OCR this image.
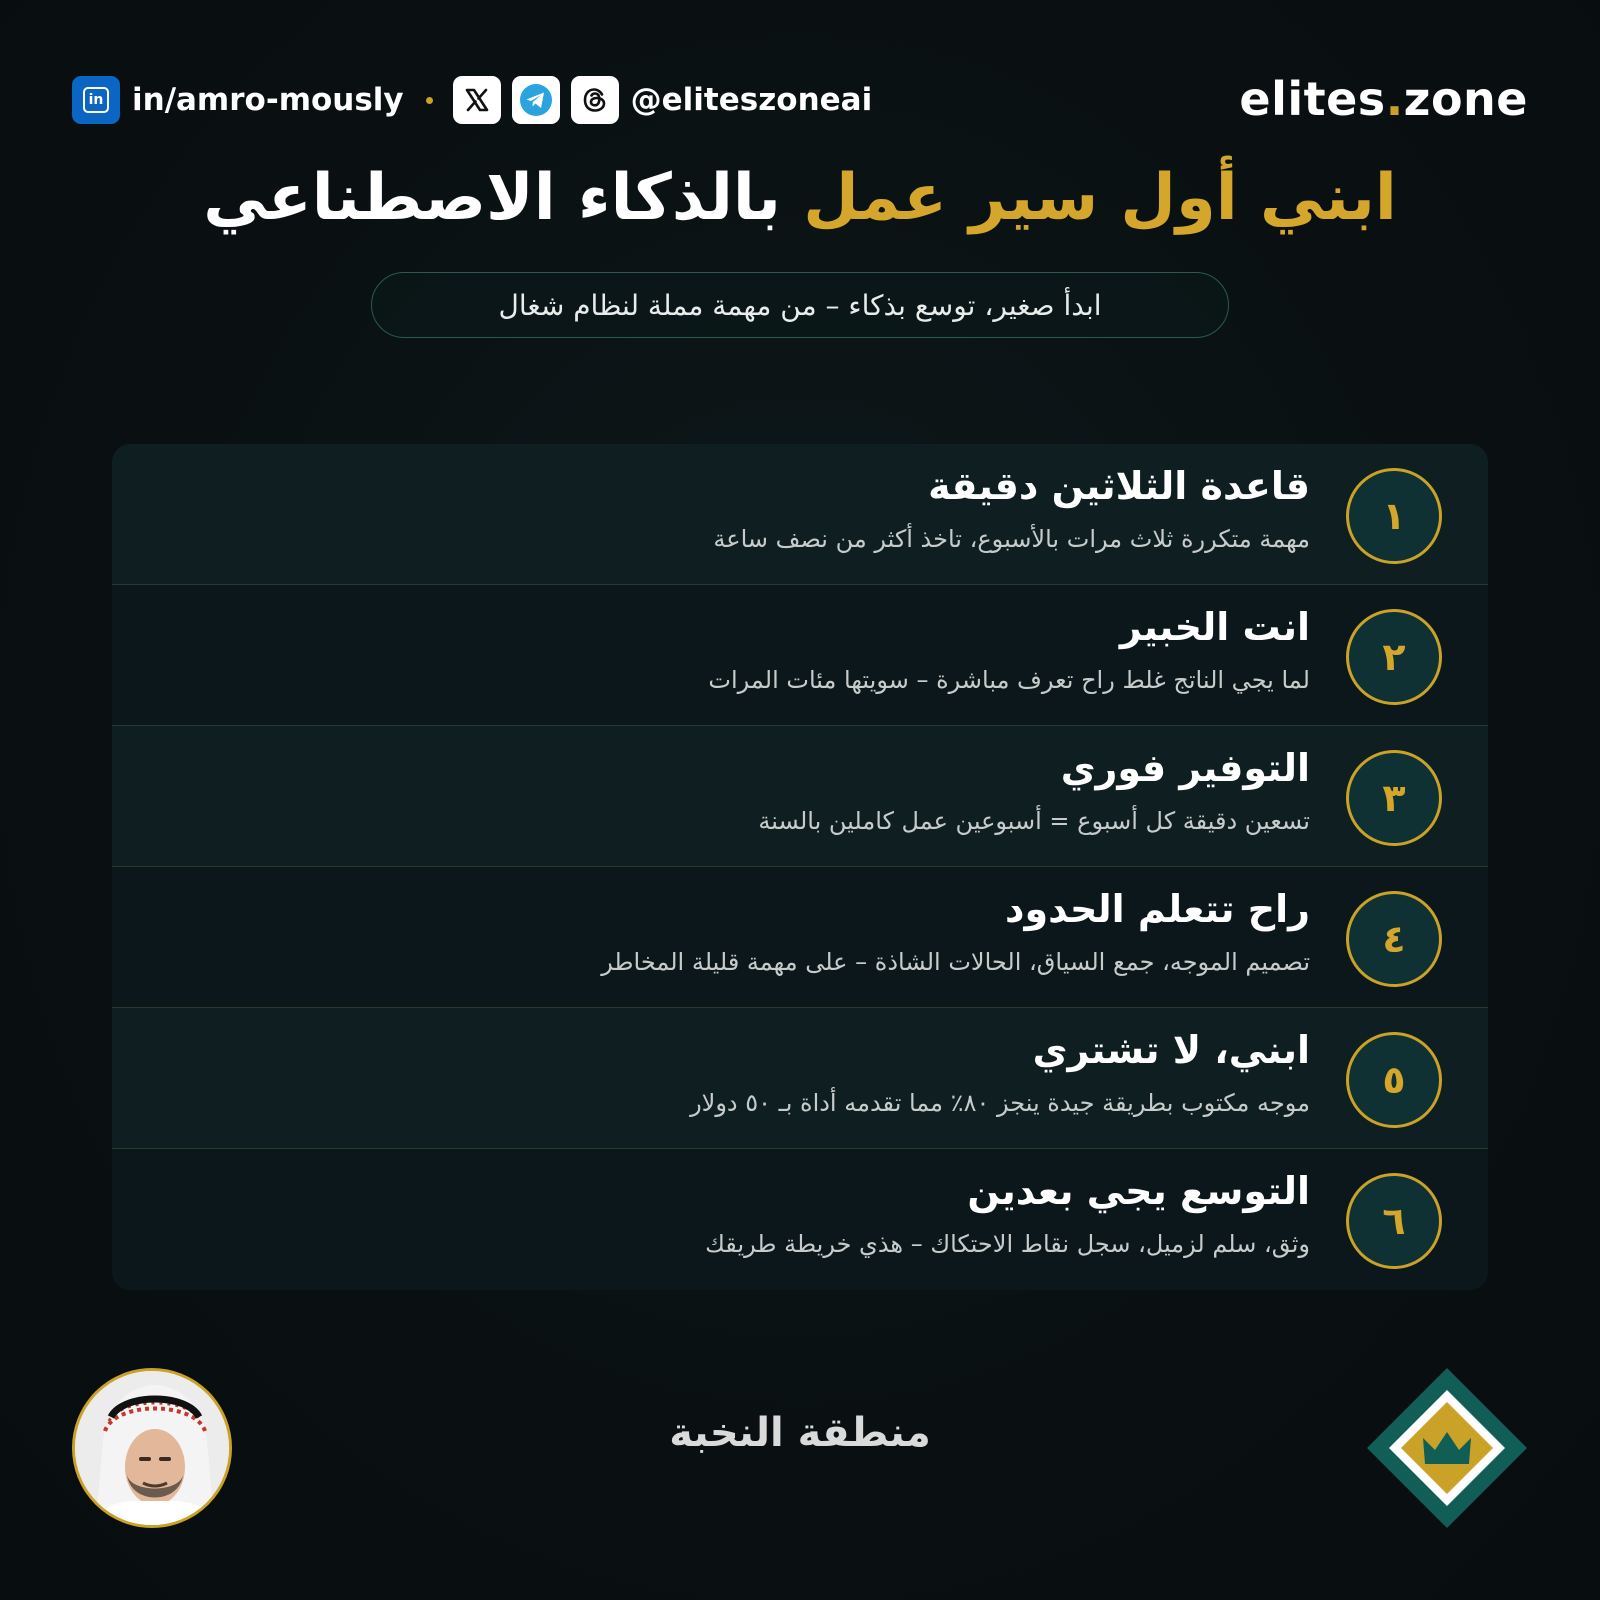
in in/amro-mously	@eliteszoneai	elites.zone
ابني أول سير عمل بالذكاء الاصطناعي
ابدأ صغير، توسع بذكاء – من مهمة مملة لنظام شغال
١
قاعدة الثلاثين دقيقة
مهمة متكررة ثلاث مرات بالأسبوع، تاخذ أكثر من نصف ساعة
٢
انت الخبير
لما يجي الناتج غلط راح تعرف مباشرة – سويتها مئات المرات
٣
التوفير فوري
تسعين دقيقة كل أسبوع = أسبوعين عمل كاملين بالسنة
٤
راح تتعلم الحدود
تصميم الموجه، جمع السياق، الحالات الشاذة – على مهمة قليلة المخاطر
٥
ابني، لا تشتري
موجه مكتوب بطريقة جيدة ينجز ٨٠٪ مما تقدمه أداة بـ ٥٠ دولار
٦
التوسع يجي بعدين
وثق، سلم لزميل، سجل نقاط الاحتكاك – هذي خريطة طريقك
منطقة النخبة
